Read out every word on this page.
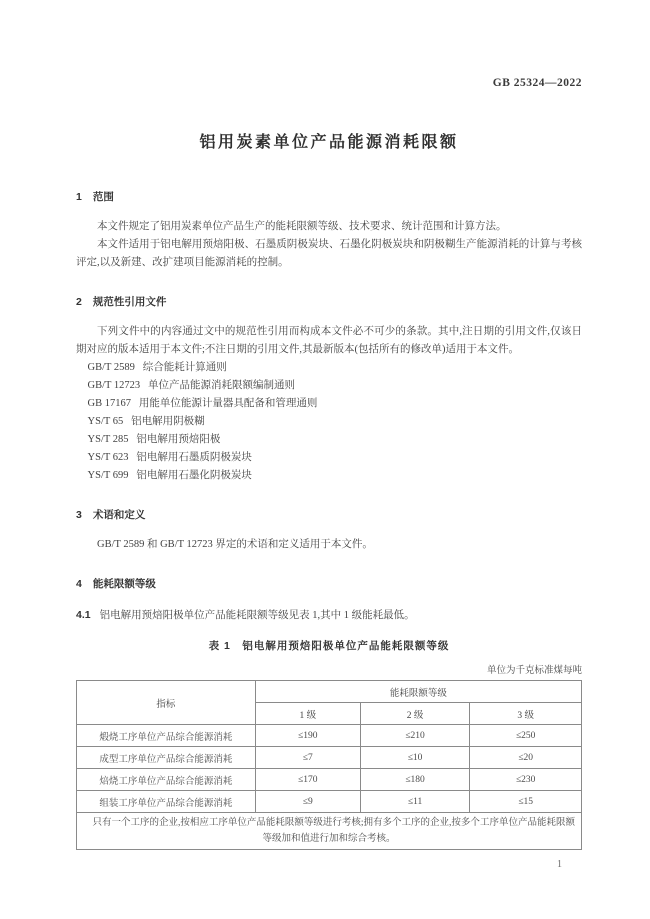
GB 25324—2022
铝用炭素单位产品能源消耗限额
1 范围

本文件规定了铝用炭素单位产品生产的能耗限额等级、技术要求、统计范围和计算方法。

本文件适用于铝电解用预焙阳极、石墨质阴极炭块、石墨化阴极炭块和阴极糊生产能源消耗的计算与考核评定,以及新建、改扩建项目能源消耗的控制。

2 规范性引用文件

下列文件中的内容通过文中的规范性引用而构成本文件必不可少的条款。其中,注日期的引用文件,仅该日期对应的版本适用于本文件;不注日期的引用文件,其最新版本(包括所有的修改单)适用于本文件。

GB/T 2589   综合能耗计算通则
GB/T 12723   单位产品能源消耗限额编制通则
GB 17167   用能单位能源计量器具配备和管理通则
YS/T 65   铝电解用阴极糊
YS/T 285   铝电解用预焙阳极
YS/T 623   铝电解用石墨质阴极炭块
YS/T 699   铝电解用石墨化阴极炭块
3 术语和定义

GB/T 2589 和 GB/T 12723 界定的术语和定义适用于本文件。

4 能耗限额等级

4.1 铝电解用预焙阳极单位产品能耗限额等级见表 1,其中 1 级能耗最低。

表 1　铝电解用预焙阳极单位产品能耗限额等级
单位为千克标准煤每吨
指标	能耗限额等级		
	1 级	2 级	3 级
煅烧工序单位产品综合能源消耗	≤190	≤210	≤250
成型工序单位产品综合能源消耗	≤7	≤10	≤20
焙烧工序单位产品综合能源消耗	≤170	≤180	≤230
组装工序单位产品综合能源消耗	≤9	≤11	≤15
只有一个工序的企业,按相应工序单位产品能耗限额等级进行考核;拥有多个工序的企业,按多个工序单位产品能耗限额等级加和值进行加和综合考核。			
1
